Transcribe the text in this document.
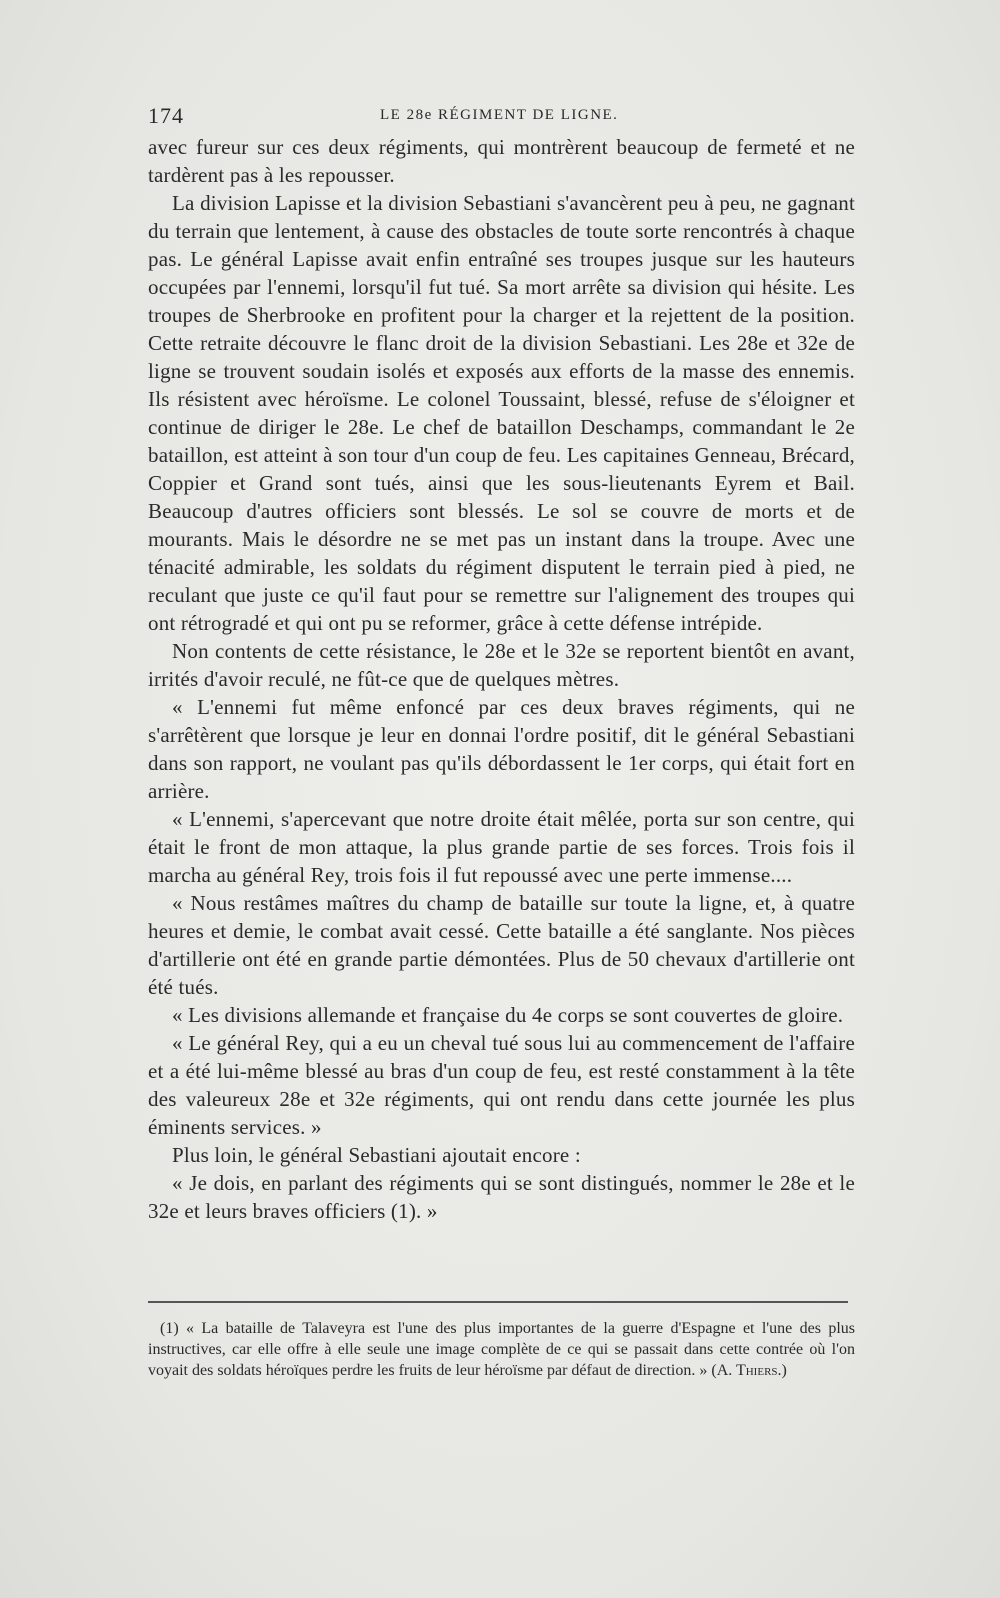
174	LE 28e RÉGIMENT DE LIGNE.

avec fureur sur ces deux régiments, qui montrèrent beaucoup de fermeté et ne tardèrent pas à les repousser.

La division Lapisse et la division Sebastiani s'avancèrent peu à peu, ne gagnant du terrain que lentement, à cause des obstacles de toute sorte rencontrés à chaque pas. Le général Lapisse avait enfin entraîné ses troupes jusque sur les hauteurs occupées par l'ennemi, lorsqu'il fut tué. Sa mort arrête sa division qui hésite. Les troupes de Sherbrooke en profitent pour la charger et la rejettent de la position. Cette retraite découvre le flanc droit de la division Sebastiani. Les 28e et 32e de ligne se trouvent soudain isolés et exposés aux efforts de la masse des ennemis. Ils résistent avec héroïsme. Le colonel Toussaint, blessé, refuse de s'éloigner et continue de diriger le 28e. Le chef de bataillon Deschamps, commandant le 2e bataillon, est atteint à son tour d'un coup de feu. Les capitaines Genneau, Brécard, Coppier et Grand sont tués, ainsi que les sous-lieutenants Eyrem et Bail. Beaucoup d'autres officiers sont blessés. Le sol se couvre de morts et de mourants. Mais le désordre ne se met pas un instant dans la troupe. Avec une ténacité admirable, les soldats du régiment disputent le terrain pied à pied, ne reculant que juste ce qu'il faut pour se remettre sur l'alignement des troupes qui ont rétrogradé et qui ont pu se reformer, grâce à cette défense intrépide.

Non contents de cette résistance, le 28e et le 32e se reportent bientôt en avant, irrités d'avoir reculé, ne fût-ce que de quelques mètres.

« L'ennemi fut même enfoncé par ces deux braves régiments, qui ne s'arrêtèrent que lorsque je leur en donnai l'ordre positif, dit le général Sebastiani dans son rapport, ne voulant pas qu'ils débordassent le 1er corps, qui était fort en arrière.

« L'ennemi, s'apercevant que notre droite était mêlée, porta sur son centre, qui était le front de mon attaque, la plus grande partie de ses forces. Trois fois il marcha au général Rey, trois fois il fut repoussé avec une perte immense....

« Nous restâmes maîtres du champ de bataille sur toute la ligne, et, à quatre heures et demie, le combat avait cessé. Cette bataille a été sanglante. Nos pièces d'artillerie ont été en grande partie démontées. Plus de 50 chevaux d'artillerie ont été tués.

« Les divisions allemande et française du 4e corps se sont couvertes de gloire.

« Le général Rey, qui a eu un cheval tué sous lui au commencement de l'affaire et a été lui-même blessé au bras d'un coup de feu, est resté constamment à la tête des valeureux 28e et 32e régiments, qui ont rendu dans cette journée les plus éminents services. »

Plus loin, le général Sebastiani ajoutait encore :

« Je dois, en parlant des régiments qui se sont distingués, nommer le 28e et le 32e et leurs braves officiers (1). »

(1) « La bataille de Talaveyra est l'une des plus importantes de la guerre d'Espagne et l'une des plus instructives, car elle offre à elle seule une image complète de ce qui se passait dans cette contrée où l'on voyait des soldats héroïques perdre les fruits de leur héroïsme par défaut de direction. » (A. Thiers.)
